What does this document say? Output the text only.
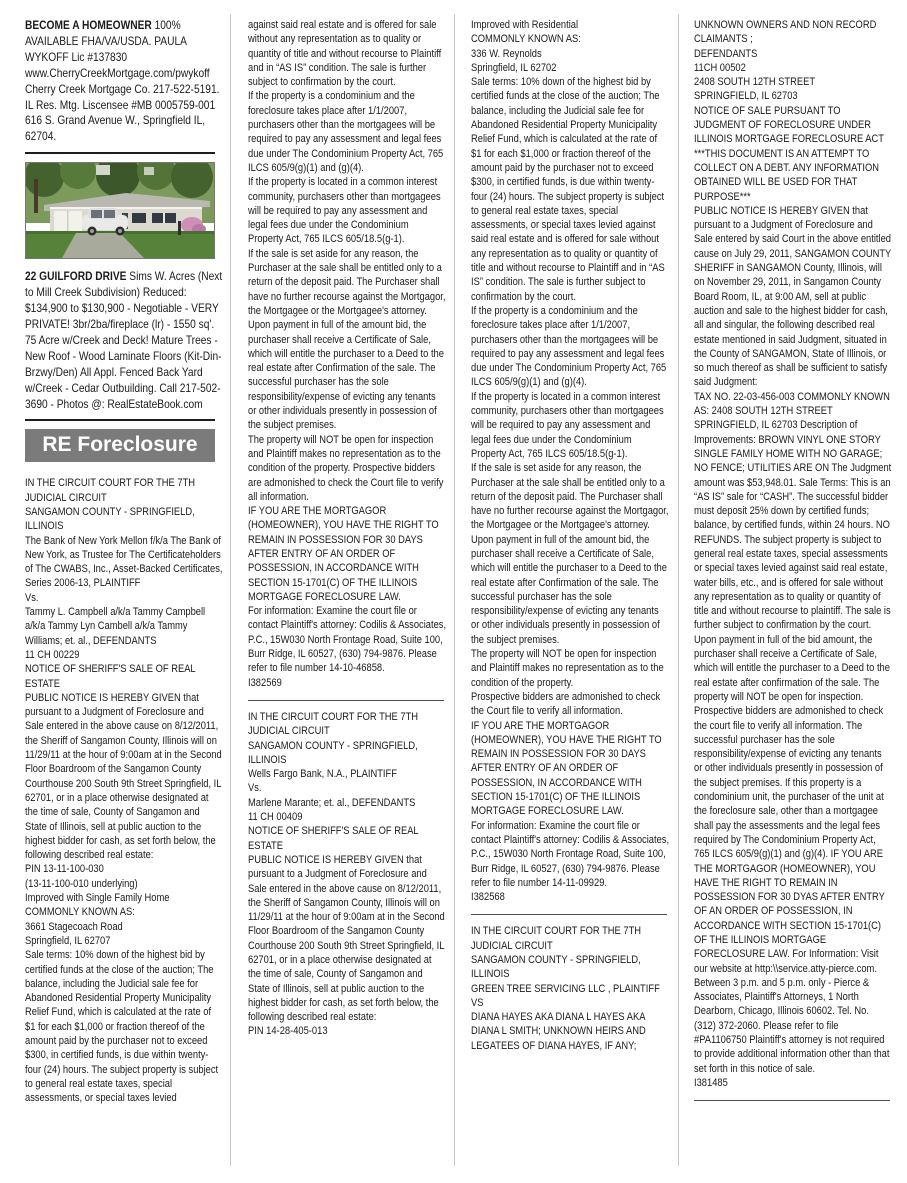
BECOME A HOMEOWNER 100% AVAILABLE FHA/VA/USDA. PAULA WYKOFF Lic #137830 www.CherryCreekMortgage.com/pwykoff Cherry Creek Mortgage Co. 217-522-5191. IL Res. Mtg. Liscensee #MB 0005759-001 616 S. Grand Avenue W., Springfield IL, 62704.

22 GUILFORD DRIVE Sims W. Acres (Next to Mill Creek Subdivision) Reduced: $134,900 to $130,900 - Negotiable - VERY PRIVATE! 3br/2ba/fireplace (lr) - 1550 sq'. 75 Acre w/Creek and Deck! Mature Trees - New Roof - Wood Laminate Floors (Kit-Din-Brzwy/Den) All Appl. Fenced Back Yard w/Creek - Cedar Outbuilding. Call 217-502-3690 - Photos @: RealEstateBook.com

RE Foreclosure

IN THE CIRCUIT COURT FOR THE 7TH JUDICIAL CIRCUIT

SANGAMON COUNTY - SPRINGFIELD, ILLINOIS

The Bank of New York Mellon f/k/a The Bank of New York, as Trustee for The Certificateholders of The CWABS, Inc., Asset-Backed Certificates, Series 2006-13, PLAINTIFF

Vs.

Tammy L. Campbell a/k/a Tammy Campbell a/k/a Tammy Lyn Cambell a/k/a Tammy Williams; et. al., DEFENDANTS

11 CH 00229

NOTICE OF SHERIFF'S SALE OF REAL ESTATE

PUBLIC NOTICE IS HEREBY GIVEN that pursuant to a Judgment of Foreclosure and Sale entered in the above cause on 8/12/2011, the Sheriff of Sangamon County, Illinois will on 11/29/11 at the hour of 9:00am at in the Second Floor Boardroom of the Sangamon County Courthouse 200 South 9th Street Springfield, IL 62701, or in a place otherwise designated at the time of sale, County of Sangamon and State of Illinois, sell at public auction to the highest bidder for cash, as set forth below, the following described real estate:

PIN 13-11-100-030

(13-11-100-010 underlying)

Improved with Single Family Home

COMMONLY KNOWN AS:

3661 Stagecoach Road

Springfield, IL 62707

Sale terms: 10% down of the highest bid by certified funds at the close of the auction; The balance, including the Judicial sale fee for Abandoned Residential Property Municipality Relief Fund, which is calculated at the rate of $1 for each $1,000 or fraction thereof of the amount paid by the purchaser not to exceed $300, in certified funds, is due within twenty-four (24) hours. The subject property is subject to general real estate taxes, special assessments, or special taxes levied

against said real estate and is offered for sale without any representation as to quality or quantity of title and without recourse to Plaintiff and in “AS IS” condition. The sale is further subject to confirmation by the court.

If the property is a condominium and the foreclosure takes place after 1/1/2007, purchasers other than the mortgagees will be required to pay any assessment and legal fees due under The Condominium Property Act, 765 ILCS 605/9(g)(1) and (g)(4).

If the property is located in a common interest community, purchasers other than mortgagees will be required to pay any assessment and legal fees due under the Condominium Property Act, 765 ILCS 605/18.5(g-1).

If the sale is set aside for any reason, the Purchaser at the sale shall be entitled only to a return of the deposit paid. The Purchaser shall have no further recourse against the Mortgagor, the Mortgagee or the Mortgagee's attorney.

Upon payment in full of the amount bid, the purchaser shall receive a Certificate of Sale, which will entitle the purchaser to a Deed to the real estate after Confirmation of the sale. The successful purchaser has the sole responsibility/expense of evicting any tenants or other individuals presently in possession of the subject premises.

The property will NOT be open for inspection and Plaintiff makes no representation as to the condition of the property. Prospective bidders are admonished to check the Court file to verify all information.

IF YOU ARE THE MORTGAGOR (HOMEOWNER), YOU HAVE THE RIGHT TO REMAIN IN POSSESSION FOR 30 DAYS AFTER ENTRY OF AN ORDER OF POSSESSION, IN ACCORDANCE WITH SECTION 15-1701(C) OF THE ILLINOIS MORTGAGE FORECLOSURE LAW.

For information: Examine the court file or contact Plaintiff's attorney: Codilis & Associates, P.C., 15W030 North Frontage Road, Suite 100, Burr Ridge, IL 60527, (630) 794-9876. Please refer to file number 14-10-46858.

I382569

IN THE CIRCUIT COURT FOR THE 7TH JUDICIAL CIRCUIT

SANGAMON COUNTY - SPRINGFIELD, ILLINOIS

Wells Fargo Bank, N.A., PLAINTIFF

Vs.

Marlene Marante; et. al., DEFENDANTS

11 CH 00409

NOTICE OF SHERIFF'S SALE OF REAL ESTATE

PUBLIC NOTICE IS HEREBY GIVEN that pursuant to a Judgment of Foreclosure and Sale entered in the above cause on 8/12/2011, the Sheriff of Sangamon County, Illinois will on 11/29/11 at the hour of 9:00am at in the Second Floor Boardroom of the Sangamon County Courthouse 200 South 9th Street Springfield, IL 62701, or in a place otherwise designated at the time of sale, County of Sangamon and State of Illinois, sell at public auction to the highest bidder for cash, as set forth below, the following described real estate:

PIN 14-28-405-013

Improved with Residential

COMMONLY KNOWN AS:

336 W. Reynolds

Springfield, IL 62702

Sale terms: 10% down of the highest bid by certified funds at the close of the auction; The balance, including the Judicial sale fee for Abandoned Residential Property Municipality Relief Fund, which is calculated at the rate of $1 for each $1,000 or fraction thereof of the amount paid by the purchaser not to exceed $300, in certified funds, is due within twenty-four (24) hours. The subject property is subject to general real estate taxes, special assessments, or special taxes levied against said real estate and is offered for sale without any representation as to quality or quantity of title and without recourse to Plaintiff and in “AS IS” condition. The sale is further subject to confirmation by the court.

If the property is a condominium and the foreclosure takes place after 1/1/2007, purchasers other than the mortgagees will be required to pay any assessment and legal fees due under The Condominium Property Act, 765 ILCS 605/9(g)(1) and (g)(4).

If the property is located in a common interest community, purchasers other than mortgagees will be required to pay any assessment and legal fees due under the Condominium Property Act, 765 ILCS 605/18.5(g-1).

If the sale is set aside for any reason, the Purchaser at the sale shall be entitled only to a return of the deposit paid. The Purchaser shall have no further recourse against the Mortgagor, the Mortgagee or the Mortgagee's attorney.

Upon payment in full of the amount bid, the purchaser shall receive a Certificate of Sale, which will entitle the purchaser to a Deed to the real estate after Confirmation of the sale. The successful purchaser has the sole responsibility/expense of evicting any tenants or other individuals presently in possession of the subject premises.

The property will NOT be open for inspection and Plaintiff makes no representation as to the condition of the property.

Prospective bidders are admonished to check the Court file to verify all information.

IF YOU ARE THE MORTGAGOR (HOMEOWNER), YOU HAVE THE RIGHT TO REMAIN IN POSSESSION FOR 30 DAYS AFTER ENTRY OF AN ORDER OF POSSESSION, IN ACCORDANCE WITH SECTION 15-1701(C) OF THE ILLINOIS MORTGAGE FORECLOSURE LAW.

For information: Examine the court file or contact Plaintiff's attorney: Codilis & Associates, P.C., 15W030 North Frontage Road, Suite 100, Burr Ridge, IL 60527, (630) 794-9876. Please refer to file number 14-11-09929.

I382568

IN THE CIRCUIT COURT FOR THE 7TH JUDICIAL CIRCUIT

SANGAMON COUNTY - SPRINGFIELD, ILLINOIS

GREEN TREE SERVICING LLC , PLAINTIFF

VS

DIANA HAYES AKA DIANA L HAYES AKA DIANA L SMITH; UNKNOWN HEIRS AND LEGATEES OF DIANA HAYES, IF ANY;

UNKNOWN OWNERS AND NON RECORD CLAIMANTS ;

DEFENDANTS

11CH 00502

2408 SOUTH 12TH STREET

SPRINGFIELD, IL 62703

NOTICE OF SALE PURSUANT TO JUDGMENT OF FORECLOSURE UNDER ILLINOIS MORTGAGE FORECLOSURE ACT ***THIS DOCUMENT IS AN ATTEMPT TO COLLECT ON A DEBT. ANY INFORMATION OBTAINED WILL BE USED FOR THAT PURPOSE***

PUBLIC NOTICE IS HEREBY GIVEN that pursuant to a Judgment of Foreclosure and Sale entered by said Court in the above entitled cause on July 29, 2011, SANGAMON COUNTY SHERIFF in SANGAMON County, Illinois, will on November 29, 2011, in Sangamon County Board Room, IL, at 9:00 AM, sell at public auction and sale to the highest bidder for cash, all and singular, the following described real estate mentioned in said Judgment, situated in the County of SANGAMON, State of Illinois, or so much thereof as shall be sufficient to satisfy said Judgment:

TAX NO. 22-03-456-003 COMMONLY KNOWN AS: 2408 SOUTH 12TH STREET SPRINGFIELD, IL 62703 Description of Improvements: BROWN VINYL ONE STORY SINGLE FAMILY HOME WITH NO GARAGE; NO FENCE; UTILITIES ARE ON The Judgment amount was $53,948.01. Sale Terms: This is an “AS IS” sale for “CASH”. The successful bidder must deposit 25% down by certified funds; balance, by certified funds, within 24 hours. NO REFUNDS. The subject property is subject to general real estate taxes, special assessments or special taxes levied against said real estate, water bills, etc., and is offered for sale without any representation as to quality or quantity of title and without recourse to plaintiff. The sale is further subject to confirmation by the court. Upon payment in full of the bid amount, the purchaser shall receive a Certificate of Sale, which will entitle the purchaser to a Deed to the real estate after confirmation of the sale. The property will NOT be open for inspection. Prospective bidders are admonished to check the court file to verify all information. The successful purchaser has the sole responsibility/expense of evicting any tenants or other individuals presently in possession of the subject premises. If this property is a condominium unit, the purchaser of the unit at the foreclosure sale, other than a mortgagee shall pay the assessments and the legal fees required by The Condominium Property Act, 765 ILCS 605/9(g)(1) and (g)(4). IF YOU ARE THE MORTGAGOR (HOMEOWNER), YOU HAVE THE RIGHT TO REMAIN IN POSSESSION FOR 30 DYAS AFTER ENTRY OF AN ORDER OF POSSESSION, IN ACCORDANCE WITH SECTION 15-1701(C) OF THE ILLINOIS MORTGAGE FORECLOSURE LAW. For Information: Visit our website at http:\\service.atty-pierce.com. Between 3 p.m. and 5 p.m. only - Pierce & Associates, Plaintiff's Attorneys, 1 North Dearborn, Chicago, Illinois 60602. Tel. No. (312) 372-2060. Please refer to file #PA1106750 Plaintiff's attorney is not required to provide additional information other than that set forth in this notice of sale.

I381485
